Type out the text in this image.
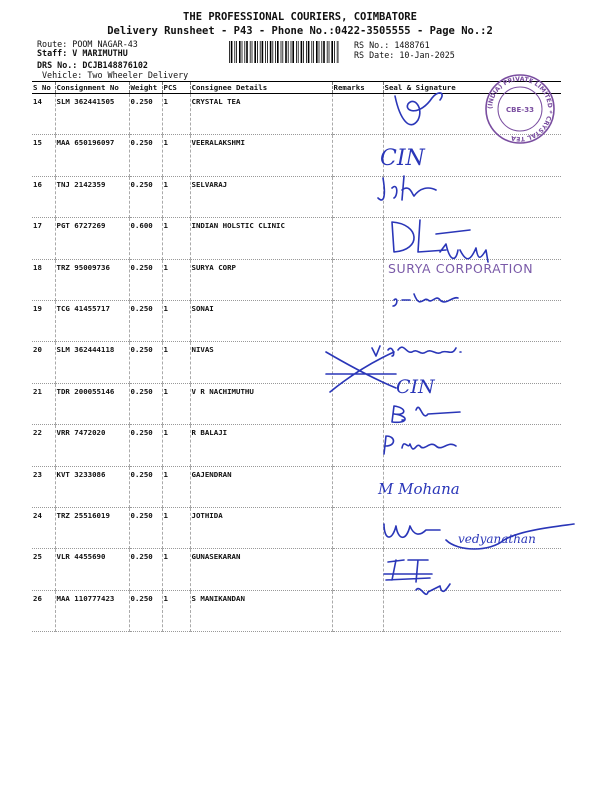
THE PROFESSIONAL COURIERS, COIMBATORE
Delivery Runsheet - P43 - Phone No.:0422-3505555 - Page No.:2
Route: POOM NAGAR-43
Staff: V MARIMUTHU
DRS No.: DCJB148876102
Vehicle: Two Wheeler Delivery
RS No.: 1488761
RS Date: 10-Jan-2025
S No	Consignment No	Weight	PCS	Consignee Details	Remarks	Seal & Signature
14	SLM 362441505	0.250	1	CRYSTAL TEA		
15	MAA 650196097	0.250	1	VEERALAKSHMI		
16	TNJ 2142359	0.250	1	SELVARAJ		
17	PGT 6727269	0.600	1	INDIAN HOLSTIC CLINIC		
18	TRZ 95009736	0.250	1	SURYA CORP		
19	TCG 41455717	0.250	1	SONAI		
20	SLM 362444118	0.250	1	NIVAS		
21	TDR 200055146	0.250	1	V R NACHIMUTHU		
22	VRR 7472020	0.250	1	R BALAJI		
23	KVT 3233086	0.250	1	GAJENDRAN		
24	TRZ 25516019	0.250	1	JOTHIDA		
25	VLR 4455690	0.250	1	GUNASEKARAN		
26	MAA 110777423	0.250	1	S MANIKANDAN		
(INDIA) PRIVATE LIMITED * CRYSTAL TEA
CBE-33
CIN
SURYA CORPORATION
CIN
M Mohana
vedyanathan
